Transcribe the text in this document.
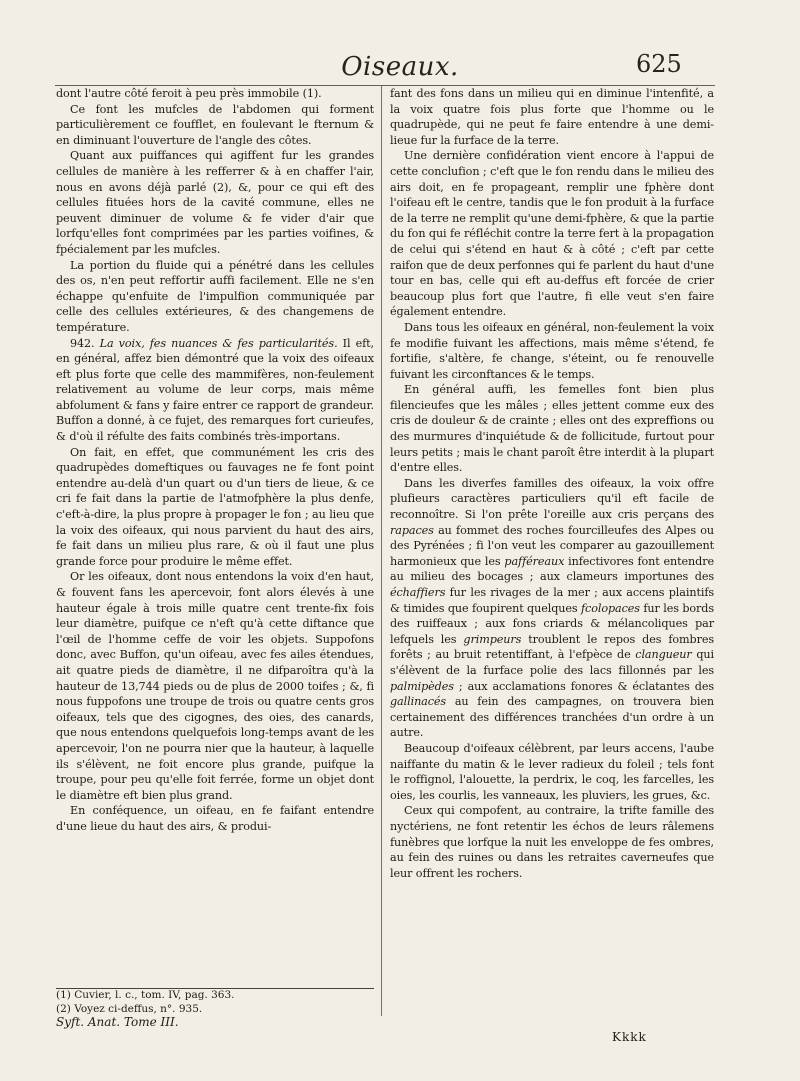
Oiseaux.	625

dont l'autre côté feroit à peu près immobile (1).

Ce font les mufcles de l'abdomen qui forment particulièrement ce foufflet, en foulevant le fternum & en diminuant l'ouverture de l'angle des côtes.

Quant aux puiffances qui agiffent fur les grandes cellules de manière à les refferrer & à en chaffer l'air, nous en avons déjà parlé (2), &, pour ce qui eft des cellules fituées hors de la cavité commune, elles ne peuvent diminuer de volume & fe vider d'air que lorfqu'elles font comprimées par les parties voifines, & fpécialement par les mufcles.

La portion du fluide qui a pénétré dans les cellules des os, n'en peut reffortir auffi facilement. Elle ne s'en échappe qu'enfuite de l'impulfion communiquée par celle des cellules extérieures, & des changemens de température.

942. La voix, fes nuances & fes particularités. Il eft, en général, affez bien démontré que la voix des oifeaux eft plus forte que celle des mammifères, non-feulement relativement au volume de leur corps, mais même abfolument & fans y faire entrer ce rapport de grandeur. Buffon a donné, à ce fujet, des remarques fort curieufes, & d'où il réfulte des faits combinés très-importans.

On fait, en effet, que communément les cris des quadrupèdes domeftiques ou fauvages ne fe font point entendre au-delà d'un quart ou d'un tiers de lieue, & ce cri fe fait dans la partie de l'atmofphère la plus denfe, c'eft-à-dire, la plus propre à propager le fon ; au lieu que la voix des oifeaux, qui nous parvient du haut des airs, fe fait dans un milieu plus rare, & où il faut une plus grande force pour produire le même effet.

Or les oifeaux, dont nous entendons la voix d'en haut, & fouvent fans les apercevoir, font alors élevés à une hauteur égale à trois mille quatre cent trente-fix fois leur diamètre, puifque ce n'eft qu'à cette diftance que l'œil de l'homme ceffe de voir les objets. Suppofons donc, avec Buffon, qu'un oifeau, avec fes ailes étendues, ait quatre pieds de diamètre, il ne difparoîtra qu'à la hauteur de 13,744 pieds ou de plus de 2000 toifes ; &, fi nous fuppofons une troupe de trois ou quatre cents gros oifeaux, tels que des cigognes, des oies, des canards, que nous entendons quelquefois long-temps avant de les apercevoir, l'on ne pourra nier que la hauteur, à laquelle ils s'élèvent, ne foit encore plus grande, puifque la troupe, pour peu qu'elle foit ferrée, forme un objet dont le diamètre eft bien plus grand.

En conféquence, un oifeau, en fe faifant entendre d'une lieue du haut des airs, & produi-

fant des fons dans un milieu qui en diminue l'intenfité, a la voix quatre fois plus forte que l'homme ou le quadrupède, qui ne peut fe faire entendre à une demi-lieue fur la furface de la terre.

Une dernière confidération vient encore à l'appui de cette conclufion ; c'eft que le fon rendu dans le milieu des airs doit, en fe propageant, remplir une fphère dont l'oifeau eft le centre, tandis que le fon produit à la furface de la terre ne remplit qu'une demi-fphère, & que la partie du fon qui fe réfléchit contre la terre fert à la propagation de celui qui s'étend en haut & à côté ; c'eft par cette raifon que de deux perfonnes qui fe parlent du haut d'une tour en bas, celle qui eft au-deffus eft forcée de crier beaucoup plus fort que l'autre, fi elle veut s'en faire également entendre.

Dans tous les oifeaux en général, non-feulement la voix fe modifie fuivant les affections, mais même s'étend, fe fortifie, s'altère, fe change, s'éteint, ou fe renouvelle fuivant les circonftances & le temps.

En général auffi, les femelles font bien plus filencieufes que les mâles ; elles jettent comme eux des cris de douleur & de crainte ; elles ont des expreffions ou des murmures d'inquiétude & de follicitude, furtout pour leurs petits ; mais le chant paroît être interdit à la plupart d'entre elles.

Dans les diverfes familles des oifeaux, la voix offre plufieurs caractères particuliers qu'il eft facile de reconnoître. Si l'on prête l'oreille aux cris perçans des rapaces au fommet des roches fourcilleufes des Alpes ou des Pyrénées ; fi l'on veut les comparer au gazouillement harmonieux que les pafféreaux infectivores font entendre au milieu des bocages ; aux clameurs importunes des échaffiers fur les rivages de la mer ; aux accens plaintifs & timides que foupirent quelques fcolopaces fur les bords des ruiffeaux ; aux fons criards & mélancoliques par lefquels les grimpeurs troublent le repos des fombres forêts ; au bruit retentiffant, à l'efpèce de clangueur qui s'élèvent de la furface polie des lacs fillonnés par les palmipèdes ; aux acclamations fonores & éclatantes des gallinacés au fein des campagnes, on trouvera bien certainement des différences tranchées d'un ordre à un autre.

Beaucoup d'oifeaux célèbrent, par leurs accens, l'aube naiffante du matin & le lever radieux du foleil ; tels font le roffignol, l'alouette, la perdrix, le coq, les farcelles, les oies, les courlis, les vanneaux, les pluviers, les grues, &c.

Ceux qui compofent, au contraire, la trifte famille des nyctériens, ne font retentir les échos de leurs râlemens funèbres que lorfque la nuit les enveloppe de fes ombres, au fein des ruines ou dans les retraites caverneufes que leur offrent les rochers.

(1) Cuvier, l. c., tom. IV, pag. 363.
(2) Voyez ci-deffus, n°. 935.
Syft. Anat. Tome III.
Kkkk
